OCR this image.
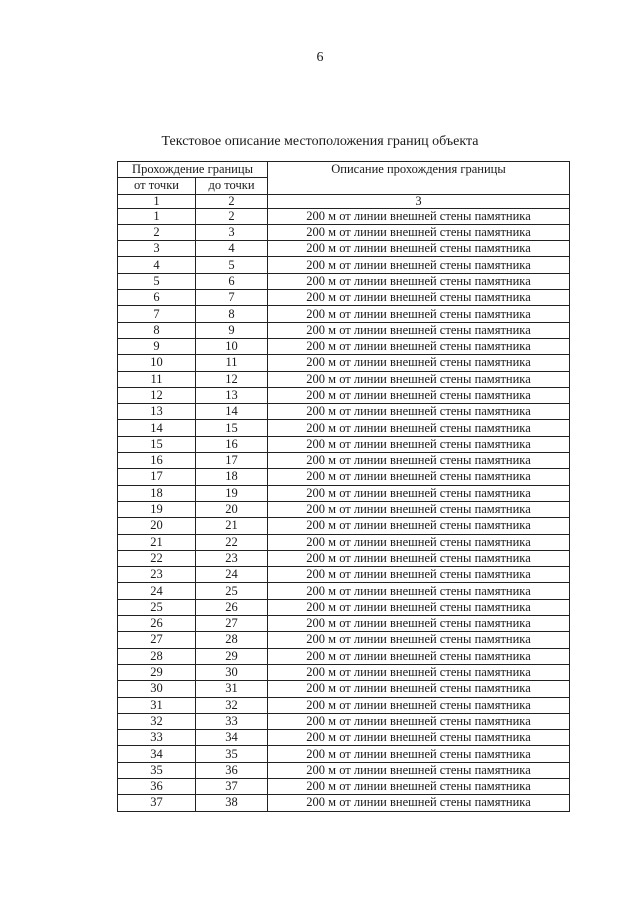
6
Текстовое описание местоположения границ объекта
Прохождение границы		Описание прохождения границы
от точки	до точки	
1	2	3
1	2	200 м от линии внешней стены памятника
2	3	200 м от линии внешней стены памятника
3	4	200 м от линии внешней стены памятника
4	5	200 м от линии внешней стены памятника
5	6	200 м от линии внешней стены памятника
6	7	200 м от линии внешней стены памятника
7	8	200 м от линии внешней стены памятника
8	9	200 м от линии внешней стены памятника
9	10	200 м от линии внешней стены памятника
10	11	200 м от линии внешней стены памятника
11	12	200 м от линии внешней стены памятника
12	13	200 м от линии внешней стены памятника
13	14	200 м от линии внешней стены памятника
14	15	200 м от линии внешней стены памятника
15	16	200 м от линии внешней стены памятника
16	17	200 м от линии внешней стены памятника
17	18	200 м от линии внешней стены памятника
18	19	200 м от линии внешней стены памятника
19	20	200 м от линии внешней стены памятника
20	21	200 м от линии внешней стены памятника
21	22	200 м от линии внешней стены памятника
22	23	200 м от линии внешней стены памятника
23	24	200 м от линии внешней стены памятника
24	25	200 м от линии внешней стены памятника
25	26	200 м от линии внешней стены памятника
26	27	200 м от линии внешней стены памятника
27	28	200 м от линии внешней стены памятника
28	29	200 м от линии внешней стены памятника
29	30	200 м от линии внешней стены памятника
30	31	200 м от линии внешней стены памятника
31	32	200 м от линии внешней стены памятника
32	33	200 м от линии внешней стены памятника
33	34	200 м от линии внешней стены памятника
34	35	200 м от линии внешней стены памятника
35	36	200 м от линии внешней стены памятника
36	37	200 м от линии внешней стены памятника
37	38	200 м от линии внешней стены памятника
